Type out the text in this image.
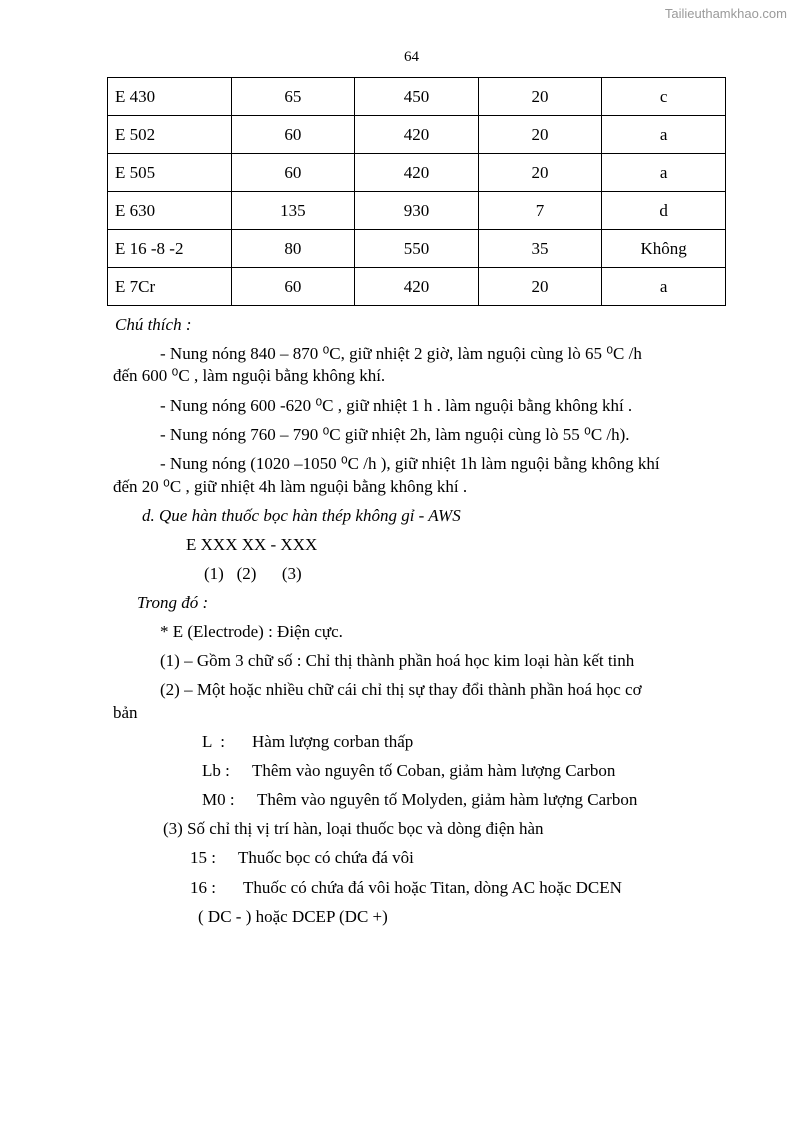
Tailieuthamkhao.com
64
E 430	65	450	20	c
E 502	60	420	20	a
E 505	60	420	20	a
E 630	135	930	7	d
E 16 -8 -2	80	550	35	Không
E 7Cr	60	420	20	a
Chú thích :
- Nung nóng 840 – 870 ⁰C, giữ nhiệt 2 giờ, làm nguội cùng lò 65 ⁰C /h
đến 600 ⁰C , làm nguội bằng không khí.
- Nung nóng 600 -620 ⁰C , giữ nhiệt 1 h . làm nguội bằng không khí .
- Nung nóng 760 – 790 ⁰C giữ nhiệt 2h, làm nguội cùng lò 55 ⁰C /h).
- Nung nóng (1020 –1050 ⁰C /h ), giữ nhiệt 1h làm nguội bằng không khí
đến 20 ⁰C , giữ nhiệt 4h làm nguội bằng không khí .
d. Que hàn thuốc bọc hàn thép không gỉ - AWS
E XXX XX - XXX
(1)   (2)      (3)
Trong đó :
* E (Electrode) : Điện cực.
(1) – Gồm 3 chữ số : Chỉ thị thành phần hoá học kim loại hàn kết tinh
(2) – Một hoặc nhiều chữ cái chỉ thị sự thay đổi thành phần hoá học cơ
bản
L  : Hàm lượng corban thấp
Lb : Thêm vào nguyên tố Coban, giảm hàm lượng Carbon
M0 : Thêm vào nguyên tố Molyden, giảm hàm lượng Carbon
(3) Số chỉ thị vị trí hàn, loại thuốc bọc và dòng điện hàn
15 : Thuốc bọc có chứa đá vôi
16 : Thuốc có chứa đá vôi hoặc Titan, dòng AC hoặc DCEN
( DC - ) hoặc DCEP (DC +)
